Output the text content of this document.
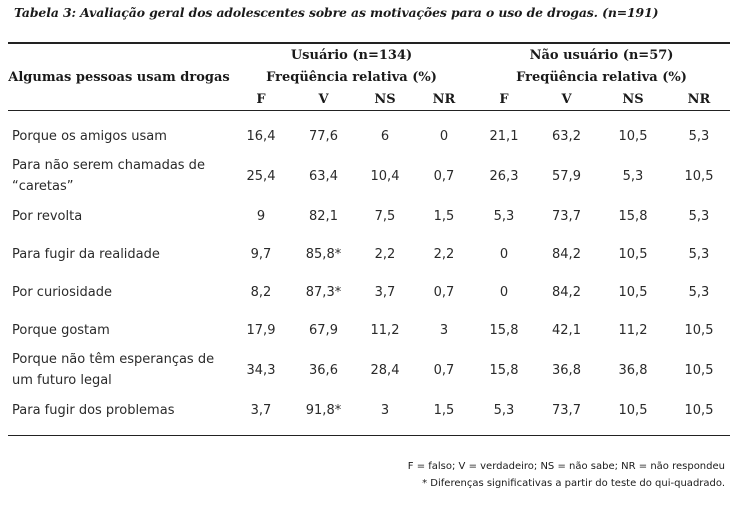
Tabela 3: Avaliação geral dos adolescentes sobre as motivações para o uso de drogas. (n=191)
Algumas pessoas usam drogas	Usuário (n=134)				Não usuário (n=57)			
	Freqüência relativa (%)				Freqüência relativa (%)			
	F	V	NS	NR	F	V	NS	NR
Porque os amigos usam	16,4	77,6	6	0	21,1	63,2	10,5	5,3
Para não serem chamadas de “caretas”	25,4	63,4	10,4	0,7	26,3	57,9	5,3	10,5
Por revolta	9	82,1	7,5	1,5	5,3	73,7	15,8	5,3
Para fugir da realidade	9,7	85,8*	2,2	2,2	0	84,2	10,5	5,3
Por curiosidade	8,2	87,3*	3,7	0,7	0	84,2	10,5	5,3
Porque gostam	17,9	67,9	11,2	3	15,8	42,1	11,2	10,5
Porque não têm esperanças de um futuro legal	34,3	36,6	28,4	0,7	15,8	36,8	36,8	10,5
Para fugir dos problemas	3,7	91,8*	3	1,5	5,3	73,7	10,5	10,5
F = falso; V = verdadeiro; NS = não sabe; NR = não respondeu
* Diferenças significativas a partir do teste do qui-quadrado.
